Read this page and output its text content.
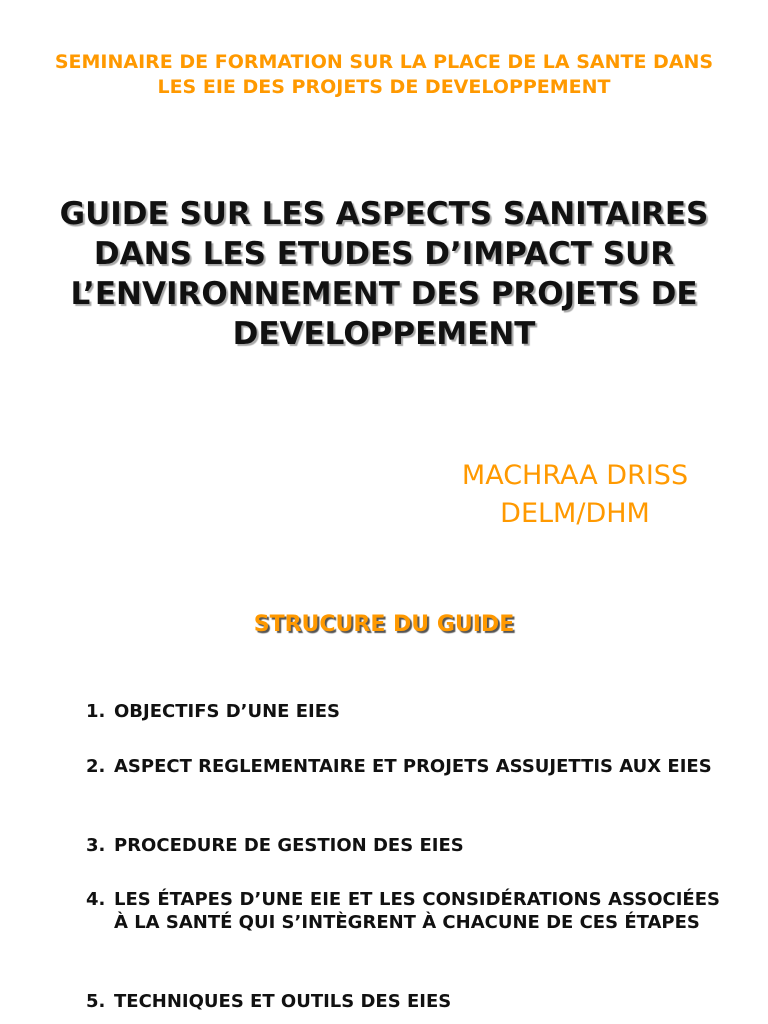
SEMINAIRE DE FORMATION SUR LA PLACE DE LA SANTE DANS
LES EIE DES PROJETS DE DEVELOPPEMENT
GUIDE SUR LES ASPECTS SANITAIRES
DANS LES ETUDES D’IMPACT SUR
L’ENVIRONNEMENT DES PROJETS DE
DEVELOPPEMENT
MACHRAA DRISS
DELM/DHM
STRUCURE DU GUIDE
1. OBJECTIFS D’UNE EIES
2. ASPECT REGLEMENTAIRE ET PROJETS ASSUJETTIS AUX EIES
3. PROCEDURE DE GESTION DES EIES
4. LES ÉTAPES D’UNE EIE ET LES CONSIDÉRATIONS ASSOCIÉES À LA SANTÉ QUI S’INTÈGRENT À CHACUNE DE CES ÉTAPES
5. TECHNIQUES ET OUTILS DES EIES
